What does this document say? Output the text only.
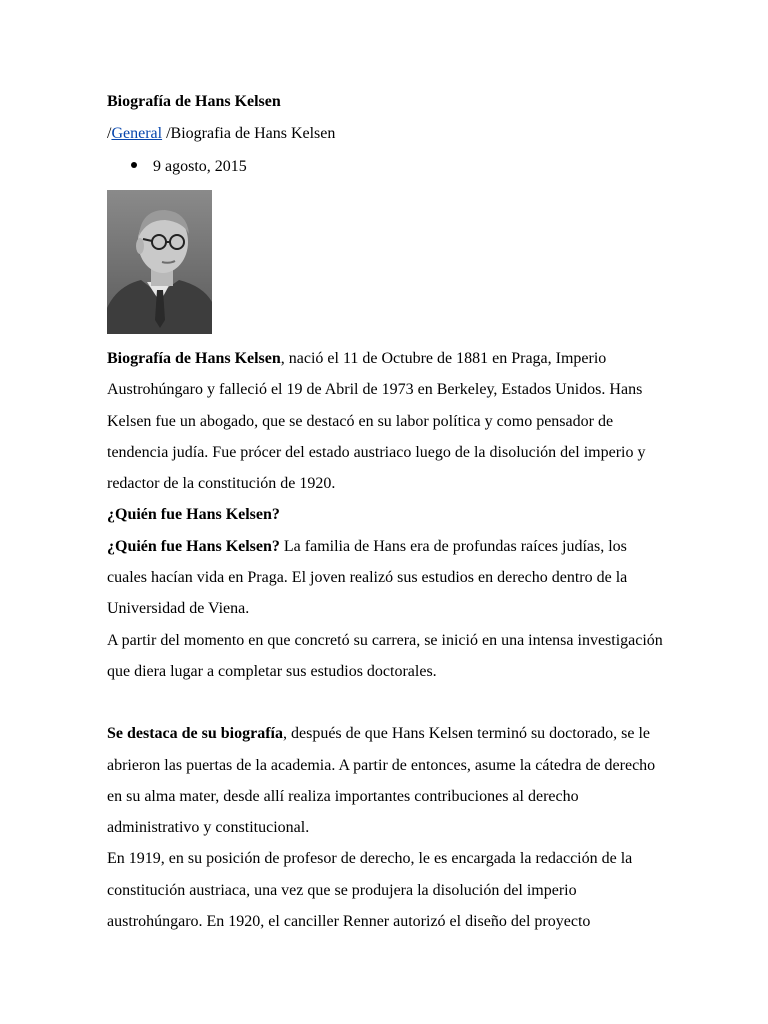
Biografía de Hans Kelsen
/General /Biografia de Hans Kelsen
9 agosto, 2015

Biografía de Hans Kelsen, nació el 11 de Octubre de 1881 en Praga, Imperio Austrohúngaro y falleció el 19 de Abril de 1973 en Berkeley, Estados Unidos. Hans Kelsen fue un abogado, que se destacó en su labor política y como pensador de tendencia judía. Fue prócer del estado austriaco luego de la disolución del imperio y redactor de la constitución de 1920.

¿Quién fue Hans Kelsen?

¿Quién fue Hans Kelsen? La familia de Hans era de profundas raíces judías, los cuales hacían vida en Praga. El joven realizó sus estudios en derecho dentro de la Universidad de Viena.

A partir del momento en que concretó su carrera, se inició en una intensa investigación que diera lugar a completar sus estudios doctorales.

Se destaca de su biografía, después de que Hans Kelsen terminó su doctorado, se le abrieron las puertas de la academia. A partir de entonces, asume la cátedra de derecho en su alma mater, desde allí realiza importantes contribuciones al derecho administrativo y constitucional.

En 1919, en su posición de profesor de derecho, le es encargada la redacción de la constitución austriaca, una vez que se produjera la disolución del imperio austrohúngaro. En 1920, el canciller Renner autorizó el diseño del proyecto
